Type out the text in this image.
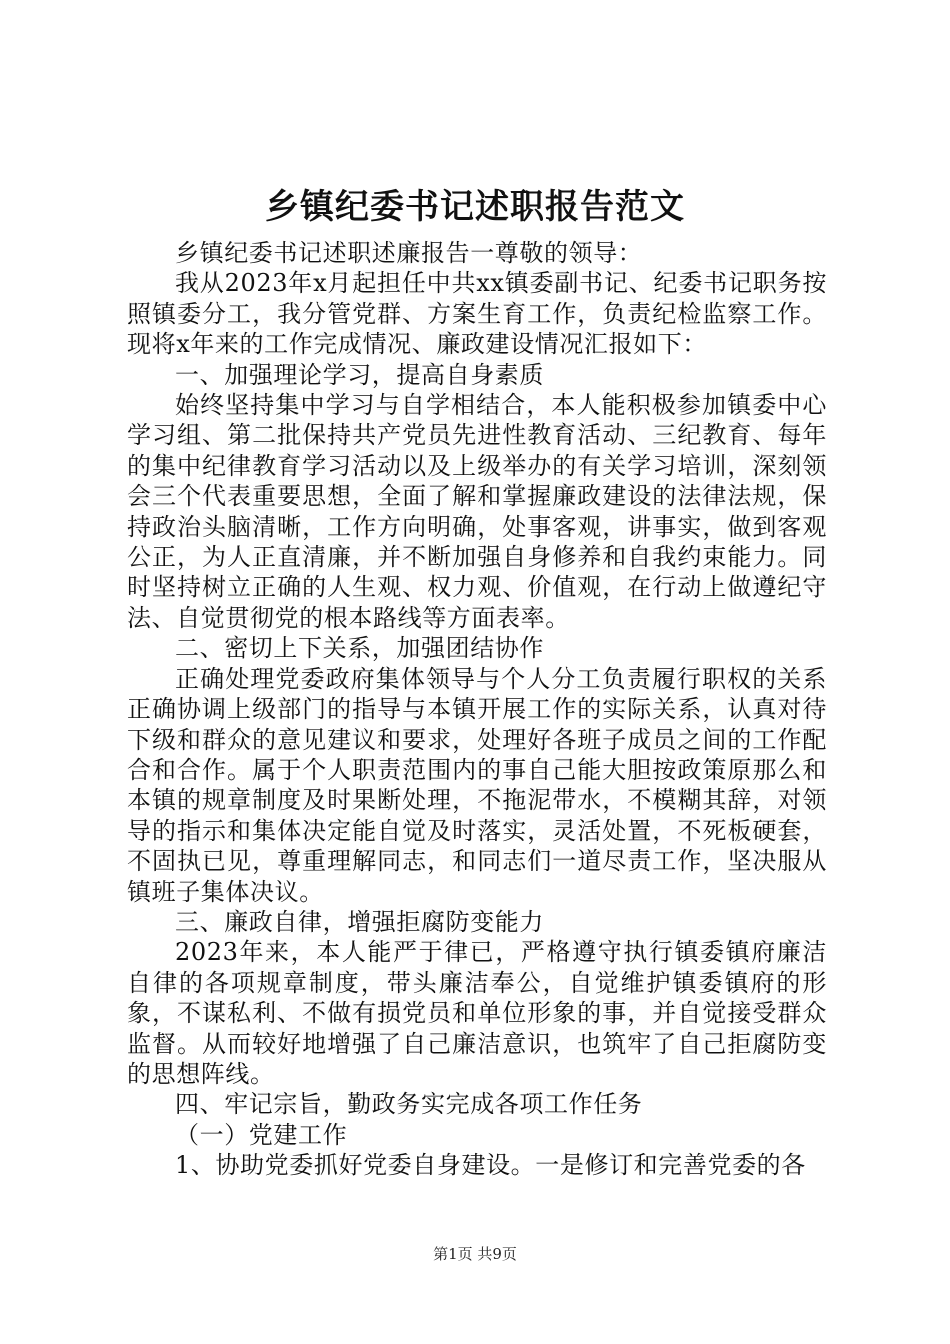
乡镇纪委书记述职报告范文

乡镇纪委书记述职述廉报告一尊敬的领导：

我从2023年x月起担任中共xx镇委副书记、纪委书记职务按照镇委分工，我分管党群、方案生育工作，负责纪检监察工作。现将x年来的工作完成情况、廉政建设情况汇报如下：

一、加强理论学习，提高自身素质

始终坚持集中学习与自学相结合，本人能积极参加镇委中心学习组、第二批保持共产党员先进性教育活动、三纪教育、每年的集中纪律教育学习活动以及上级举办的有关学习培训，深刻领会三个代表重要思想，全面了解和掌握廉政建设的法律法规，保持政治头脑清晰，工作方向明确，处事客观，讲事实，做到客观公正，为人正直清廉，并不断加强自身修养和自我约束能力。同时坚持树立正确的人生观、权力观、价值观，在行动上做遵纪守法、自觉贯彻党的根本路线等方面表率。

二、密切上下关系，加强团结协作

正确处理党委政府集体领导与个人分工负责履行职权的关系正确协调上级部门的指导与本镇开展工作的实际关系，认真对待下级和群众的意见建议和要求，处理好各班子成员之间的工作配合和合作。属于个人职责范围内的事自己能大胆按政策原那么和本镇的规章制度及时果断处理，不拖泥带水，不模糊其辞，对领导的指示和集体决定能自觉及时落实，灵活处置，不死板硬套，不固执已见，尊重理解同志，和同志们一道尽责工作，坚决服从镇班子集体决议。

三、廉政自律，增强拒腐防变能力

2023年来，本人能严于律已，严格遵守执行镇委镇府廉洁自律的各项规章制度，带头廉洁奉公，自觉维护镇委镇府的形象，不谋私利、不做有损党员和单位形象的事，并自觉接受群众监督。从而较好地增强了自己廉洁意识，也筑牢了自己拒腐防变的思想阵线。

四、牢记宗旨，勤政务实完成各项工作任务

（一）党建工作

1、协助党委抓好党委自身建设。一是修订和完善党委的各

第1页 共9页
